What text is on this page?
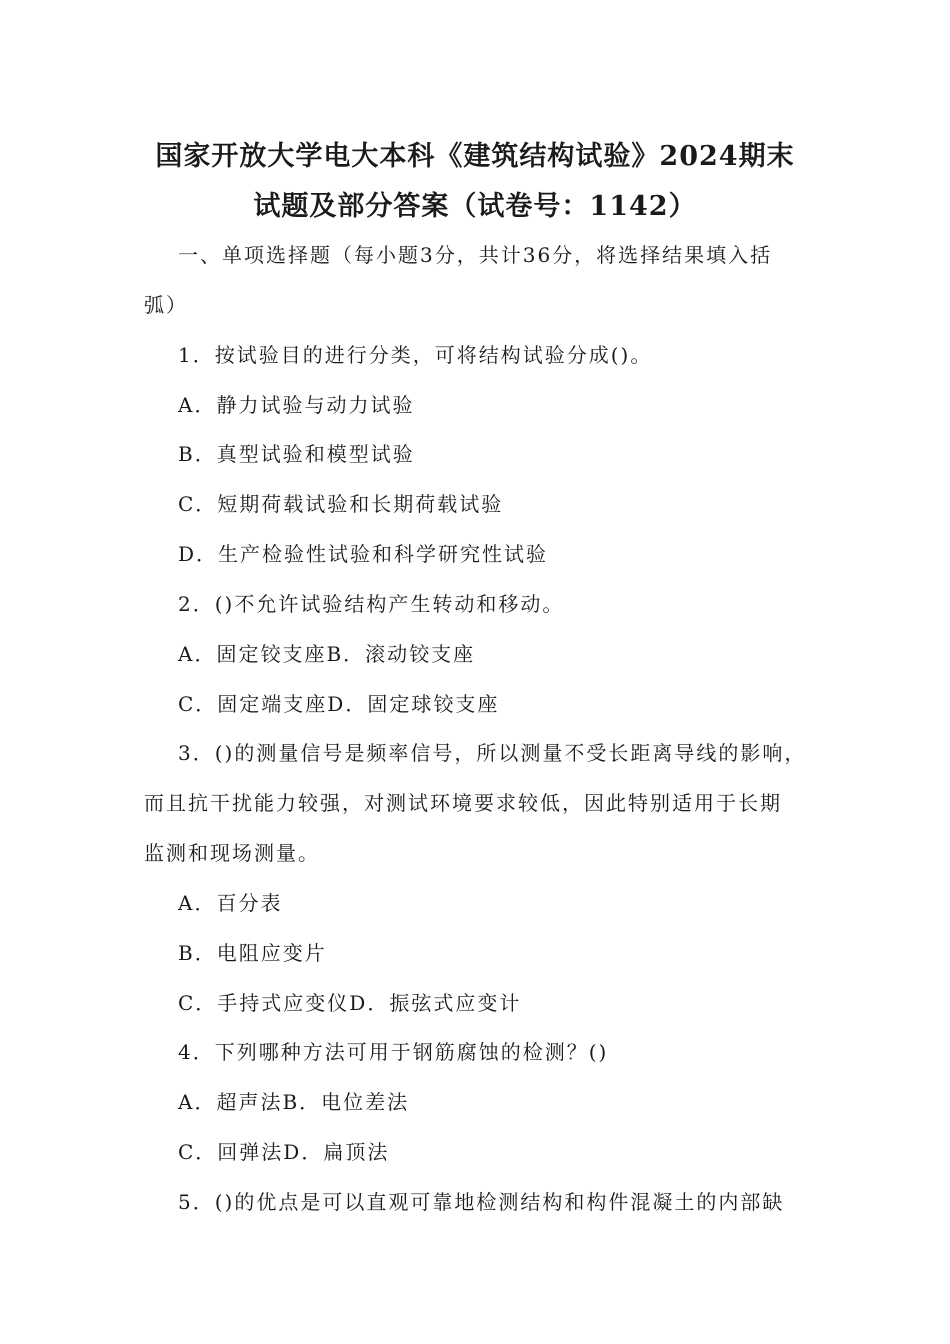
国家开放大学电大本科《建筑结构试验》2024期末
试题及部分答案（试卷号：1142）
一、单项选择题（每小题3分，共计36分，将选择结果填入括
弧）
1．按试验目的进行分类，可将结构试验分成()。
A．静力试验与动力试验
B．真型试验和模型试验
C．短期荷载试验和长期荷载试验
D．生产检验性试验和科学研究性试验
2．()不允许试验结构产生转动和移动。
A．固定铰支座B．滚动铰支座
C．固定端支座D．固定球铰支座
3．()的测量信号是频率信号，所以测量不受长距离导线的影响，
而且抗干扰能力较强，对测试环境要求较低，因此特别适用于长期
监测和现场测量。
A．百分表
B．电阻应变片
C．手持式应变仪D．振弦式应变计
4．下列哪种方法可用于钢筋腐蚀的检测？()
A．超声法B．电位差法
C．回弹法D．扁顶法
5．()的优点是可以直观可靠地检测结构和构件混凝土的内部缺
